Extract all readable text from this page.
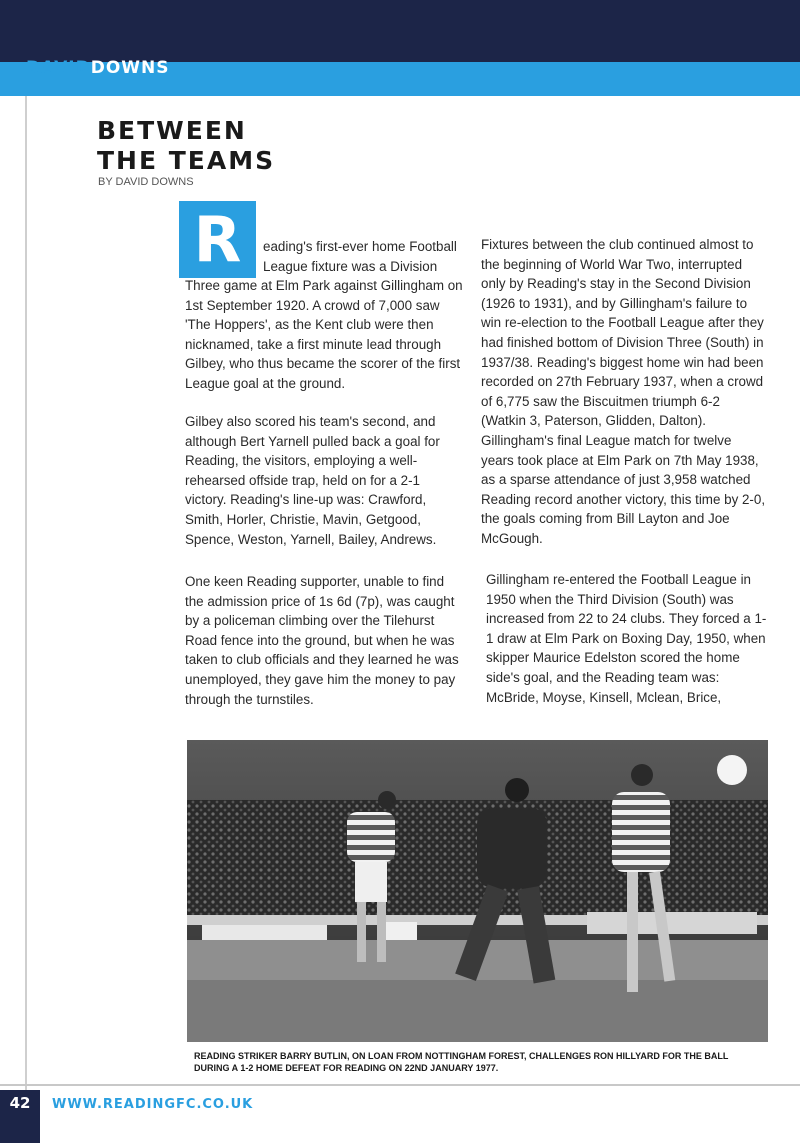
DAVIDDOWNS
BETWEEN
THE TEAMS
BY DAVID DOWNS
R	eading's first-ever home Football League fixture was a Division
Three game at Elm Park against Gillingham on 1st September 1920. A crowd of 7,000 saw 'The Hoppers', as the Kent club were then nicknamed, take a first minute lead through Gilbey, who thus became the scorer of the first League goal at the ground.
Gilbey also scored his team's second, and although Bert Yarnell pulled back a goal for Reading, the visitors, employing a well-rehearsed offside trap, held on for a 2-1 victory. Reading's line-up was: Crawford, Smith, Horler, Christie, Mavin, Getgood, Spence, Weston, Yarnell, Bailey, Andrews.
One keen Reading supporter, unable to find the admission price of 1s 6d (7p), was caught by a policeman climbing over the Tilehurst Road fence into the ground, but when he was taken to club officials and they learned he was unemployed, they gave him the money to pay through the turnstiles.
Fixtures between the club continued almost to the beginning of World War Two, interrupted only by Reading's stay in the Second Division (1926 to 1931), and by Gillingham's failure to win re-election to the Football League after they had finished bottom of Division Three (South) in 1937/38. Reading's biggest home win had been recorded on 27th February 1937, when a crowd of 6,775 saw the Biscuitmen triumph 6-2 (Watkin 3, Paterson, Glidden, Dalton). Gillingham's final League match for twelve years took place at Elm Park on 7th May 1938, as a sparse attendance of just 3,958 watched Reading record another victory, this time by 2-0, the goals coming from Bill Layton and Joe McGough.
Gillingham re-entered the Football League in 1950 when the Third Division (South) was increased from 22 to 24 clubs. They forced a 1-1 draw at Elm Park on Boxing Day, 1950, when skipper Maurice Edelston scored the home side's goal, and the Reading team was: McBride, Moyse, Kinsell, Mclean, Brice,
READING STRIKER BARRY BUTLIN, ON LOAN FROM NOTTINGHAM FOREST, CHALLENGES RON HILLYARD FOR THE BALL DURING A 1-2 HOME DEFEAT FOR READING ON 22ND JANUARY 1977.
42	WWW.READINGFC.CO.UK
